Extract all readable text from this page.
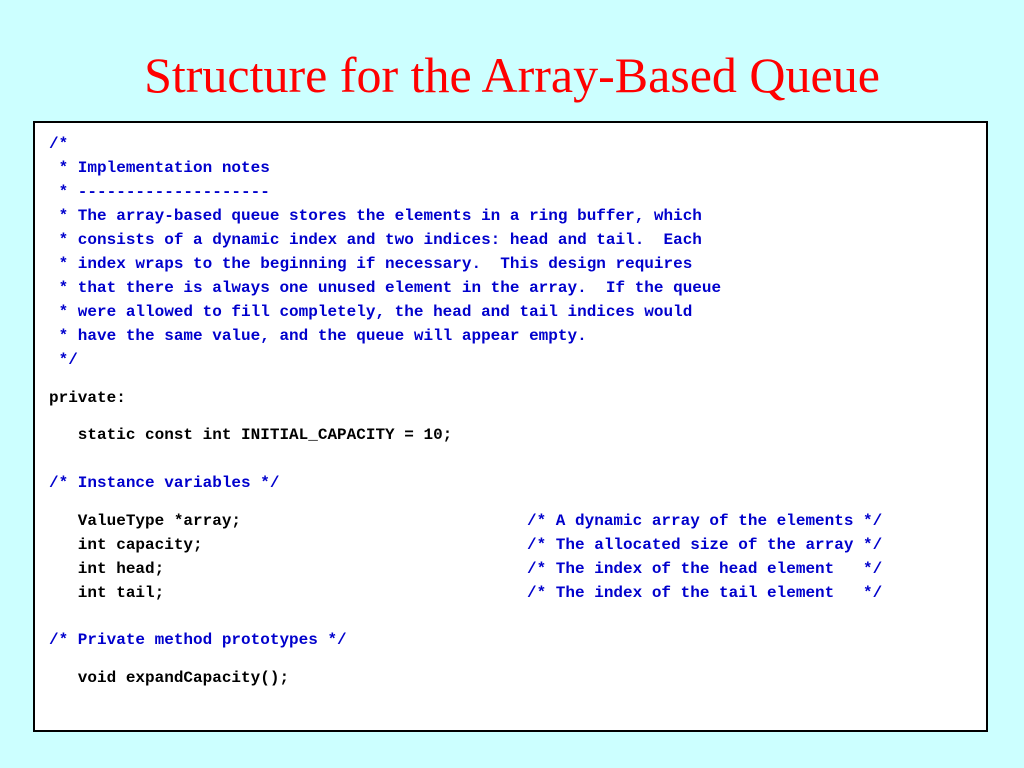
Structure for the Array-Based Queue
/*
* Implementation notes
* --------------------
* The array-based queue stores the elements in a ring buffer, which
* consists of a dynamic index and two indices: head and tail.  Each
* index wraps to the beginning if necessary.  This design requires
* that there is always one unused element in the array.  If the queue
* were allowed to fill completely, the head and tail indices would
* have the same value, and the queue will appear empty.
*/
private:
static const int INITIAL_CAPACITY = 10;
/* Instance variables */
ValueType *array;	/* A dynamic array of the elements */
int capacity;	/* The allocated size of the array */
int head;	/* The index of the head element   */
int tail;	/* The index of the tail element   */
/* Private method prototypes */
void expandCapacity();
